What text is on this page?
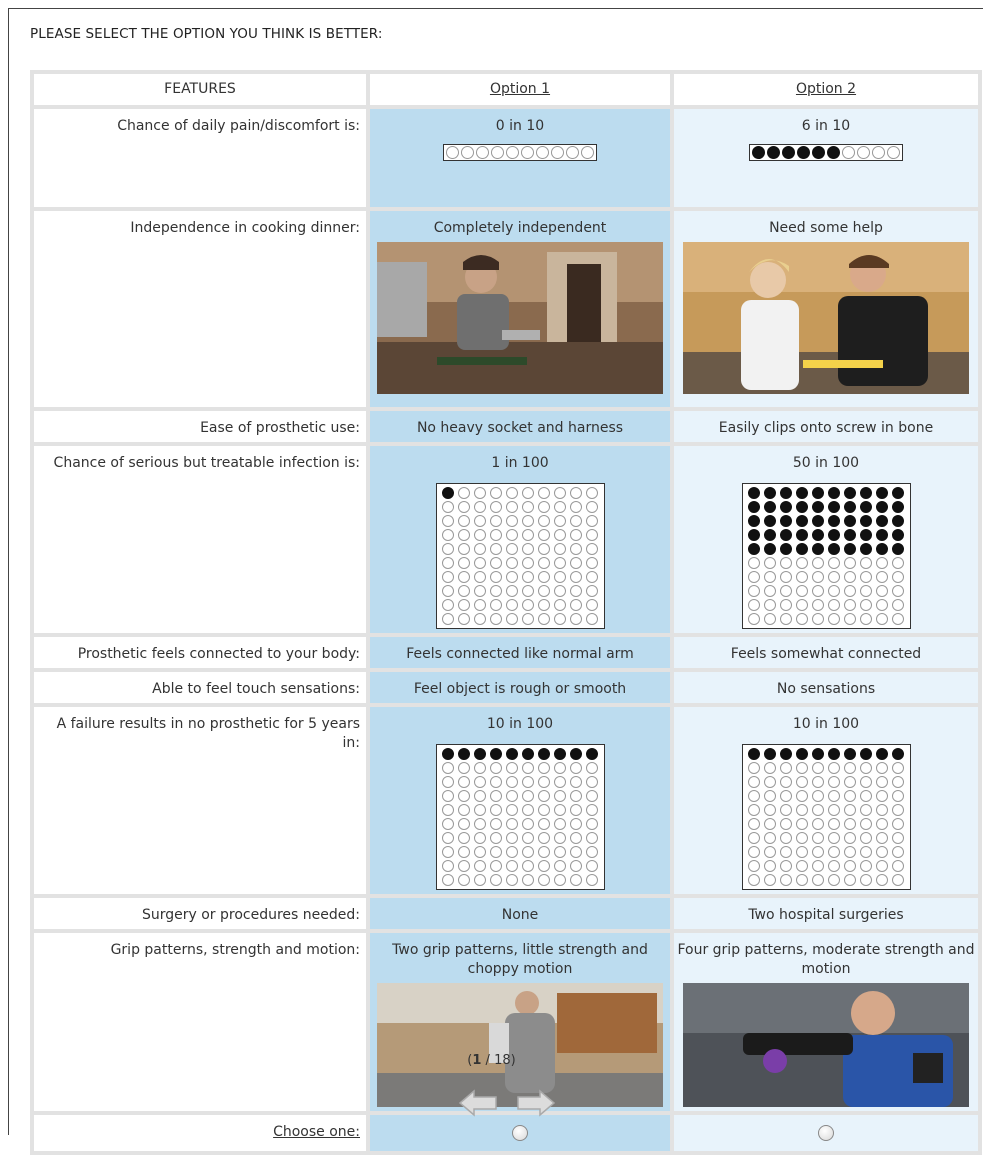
PLEASE SELECT THE OPTION YOU THINK IS BETTER:
FEATURES	Option 1	Option 2
Chance of daily pain/discomfort is:	0 in 10	6 in 10

Independence in cooking dinner:	Completely independent	Need some help

Ease of prosthetic use:	No heavy socket and harness	Easily clips onto screw in bone
Chance of serious but treatable infection is:	1 in 100	50 in 100

Prosthetic feels connected to your body:	Feels connected like normal arm	Feels somewhat connected
Able to feel touch sensations:	Feel object is rough or smooth	No sensations
A failure results in no prosthetic for 5 years in:	10 in 100	10 in 100

Surgery or procedures needed:	None	Two hospital surgeries
Grip patterns, strength and motion:	Two grip patterns, little strength and choppy motion	Four grip patterns, moderate strength and motion

Choose one:		
(1 / 18)
